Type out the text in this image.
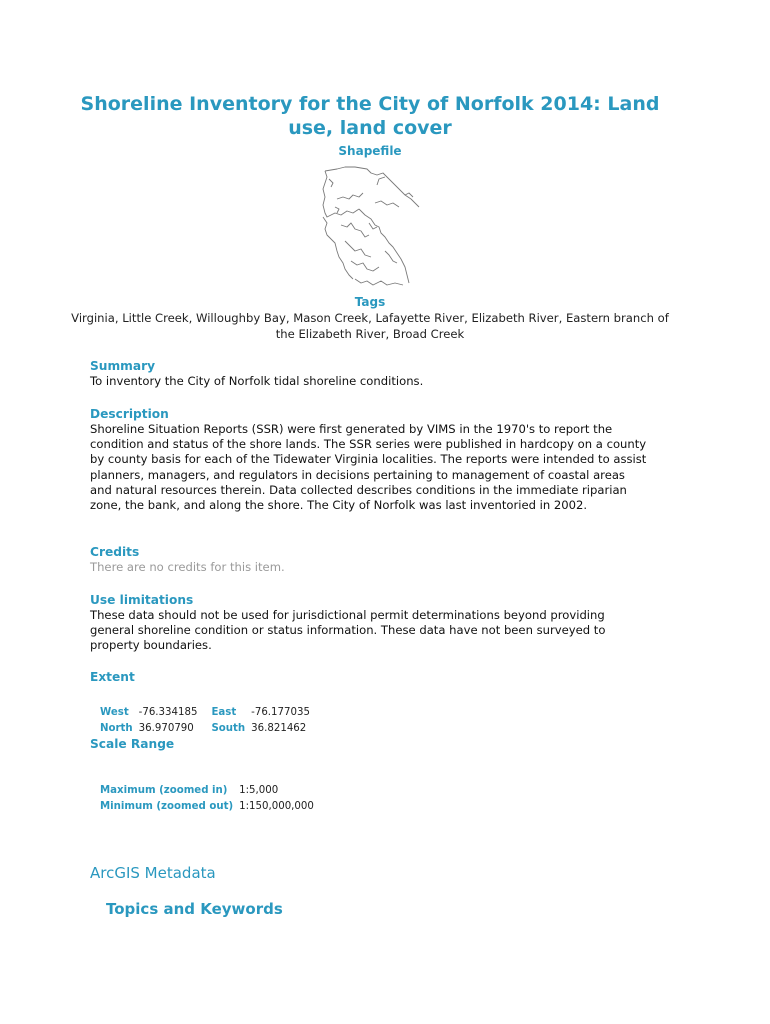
Shoreline Inventory for the City of Norfolk 2014: Land use, land cover
Shapefile
Tags
Virginia, Little Creek, Willoughby Bay, Mason Creek, Lafayette River, Elizabeth River, Eastern branch of the Elizabeth River, Broad Creek
Summary
To inventory the City of Norfolk tidal shoreline conditions.
Description
Shoreline Situation Reports (SSR) were first generated by VIMS in the 1970's to report the condition and status of the shore lands. The SSR series were published in hardcopy on a county by county basis for each of the Tidewater Virginia localities. The reports were intended to assist planners, managers, and regulators in decisions pertaining to management of coastal areas and natural resources therein. Data collected describes conditions in the immediate riparian zone, the bank, and along the shore. The City of Norfolk was last inventoried in 2002.
Credits
There are no credits for this item.
Use limitations
These data should not be used for jurisdictional permit determinations beyond providing general shoreline condition or status information. These data have not been surveyed to property boundaries.
Extent
West	-76.334185	East	-76.177035
North	36.970790	South	36.821462
Scale Range
Maximum (zoomed in)	1:5,000
Minimum (zoomed out)	1:150,000,000
ArcGIS Metadata
Topics and Keywords
